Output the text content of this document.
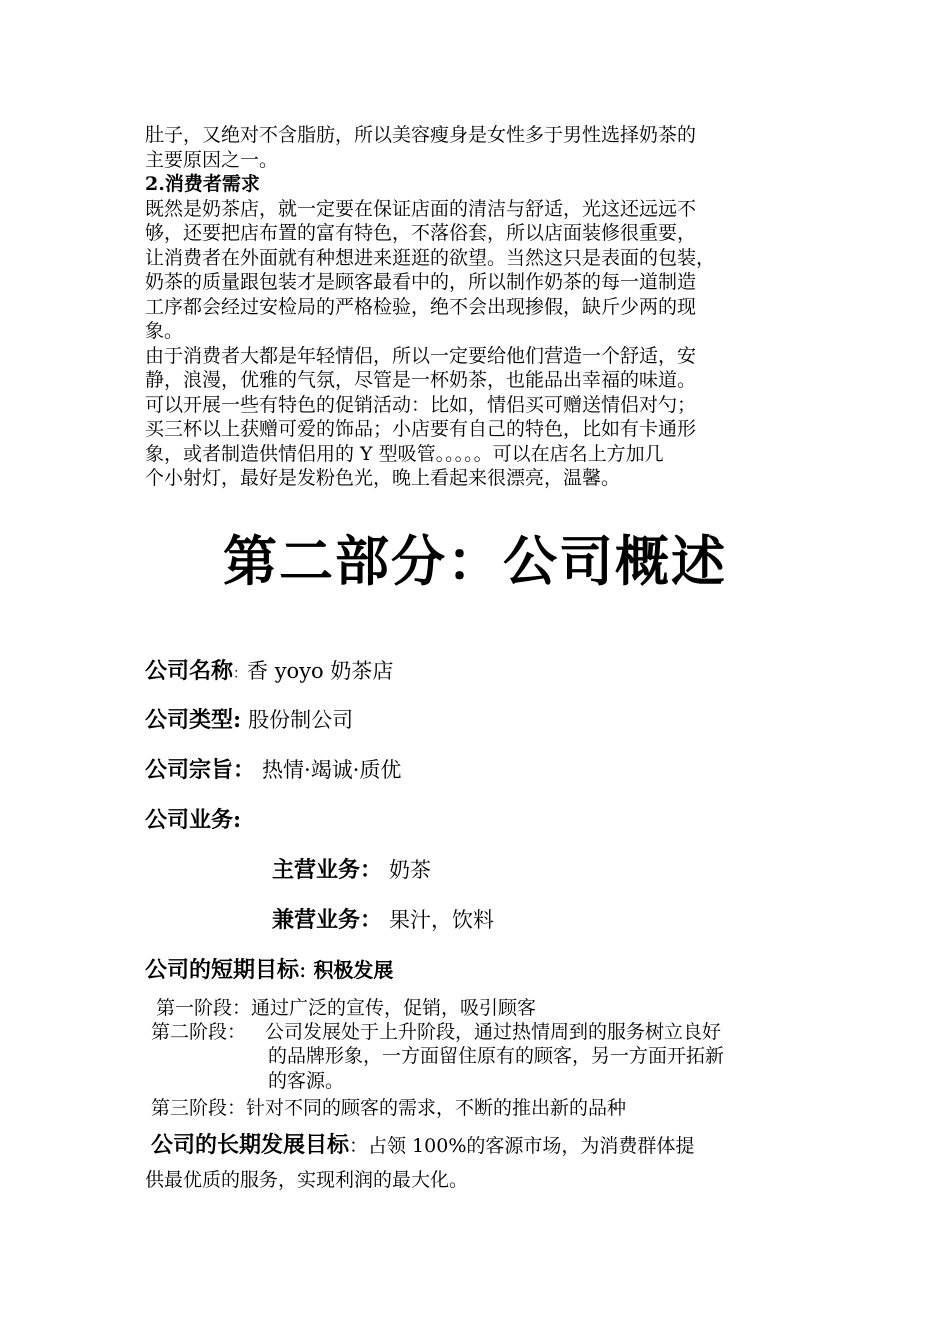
肚子，又绝对不含脂肪，所以美容瘦身是女性多于男性选择奶茶的
主要原因之一。
2.消费者需求
既然是奶茶店，就一定要在保证店面的清洁与舒适，光这还远远不
够，还要把店布置的富有特色，不落俗套，所以店面装修很重要，
让消费者在外面就有种想进来逛逛的欲望。当然这只是表面的包装，
奶茶的质量跟包装才是顾客最看中的，所以制作奶茶的每一道制造
工序都会经过安检局的严格检验，绝不会出现掺假，缺斤少两的现
象。
由于消费者大都是年轻情侣，所以一定要给他们营造一个舒适，安
静，浪漫，优雅的气氛，尽管是一杯奶茶，也能品出幸福的味道。
可以开展一些有特色的促销活动：比如，情侣买可赠送情侣对勺；
买三杯以上获赠可爱的饰品；小店要有自己的特色，比如有卡通形
象，或者制造供情侣用的 Y 型吸管。。。。。可以在店名上方加几
个小射灯，最好是发粉色光，晚上看起来很漂亮，温馨。
第二部分：公司概述
公司名称：香 yoyo 奶茶店
公司类型: 股份制公司
公司宗旨： 热情·竭诚·质优
公司业务:
主营业务： 奶茶
兼营业务： 果汁，饮料
公司的短期目标: 积极发展
第一阶段：通过广泛的宣传，促销，吸引顾客
第二阶段： 公司发展处于上升阶段，通过热情周到的服务树立良好
的品牌形象，一方面留住原有的顾客，另一方面开拓新
的客源。
第三阶段：针对不同的顾客的需求，不断的推出新的品种
公司的长期发展目标：占领 100%的客源市场，为消费群体提
供最优质的服务，实现利润的最大化。
